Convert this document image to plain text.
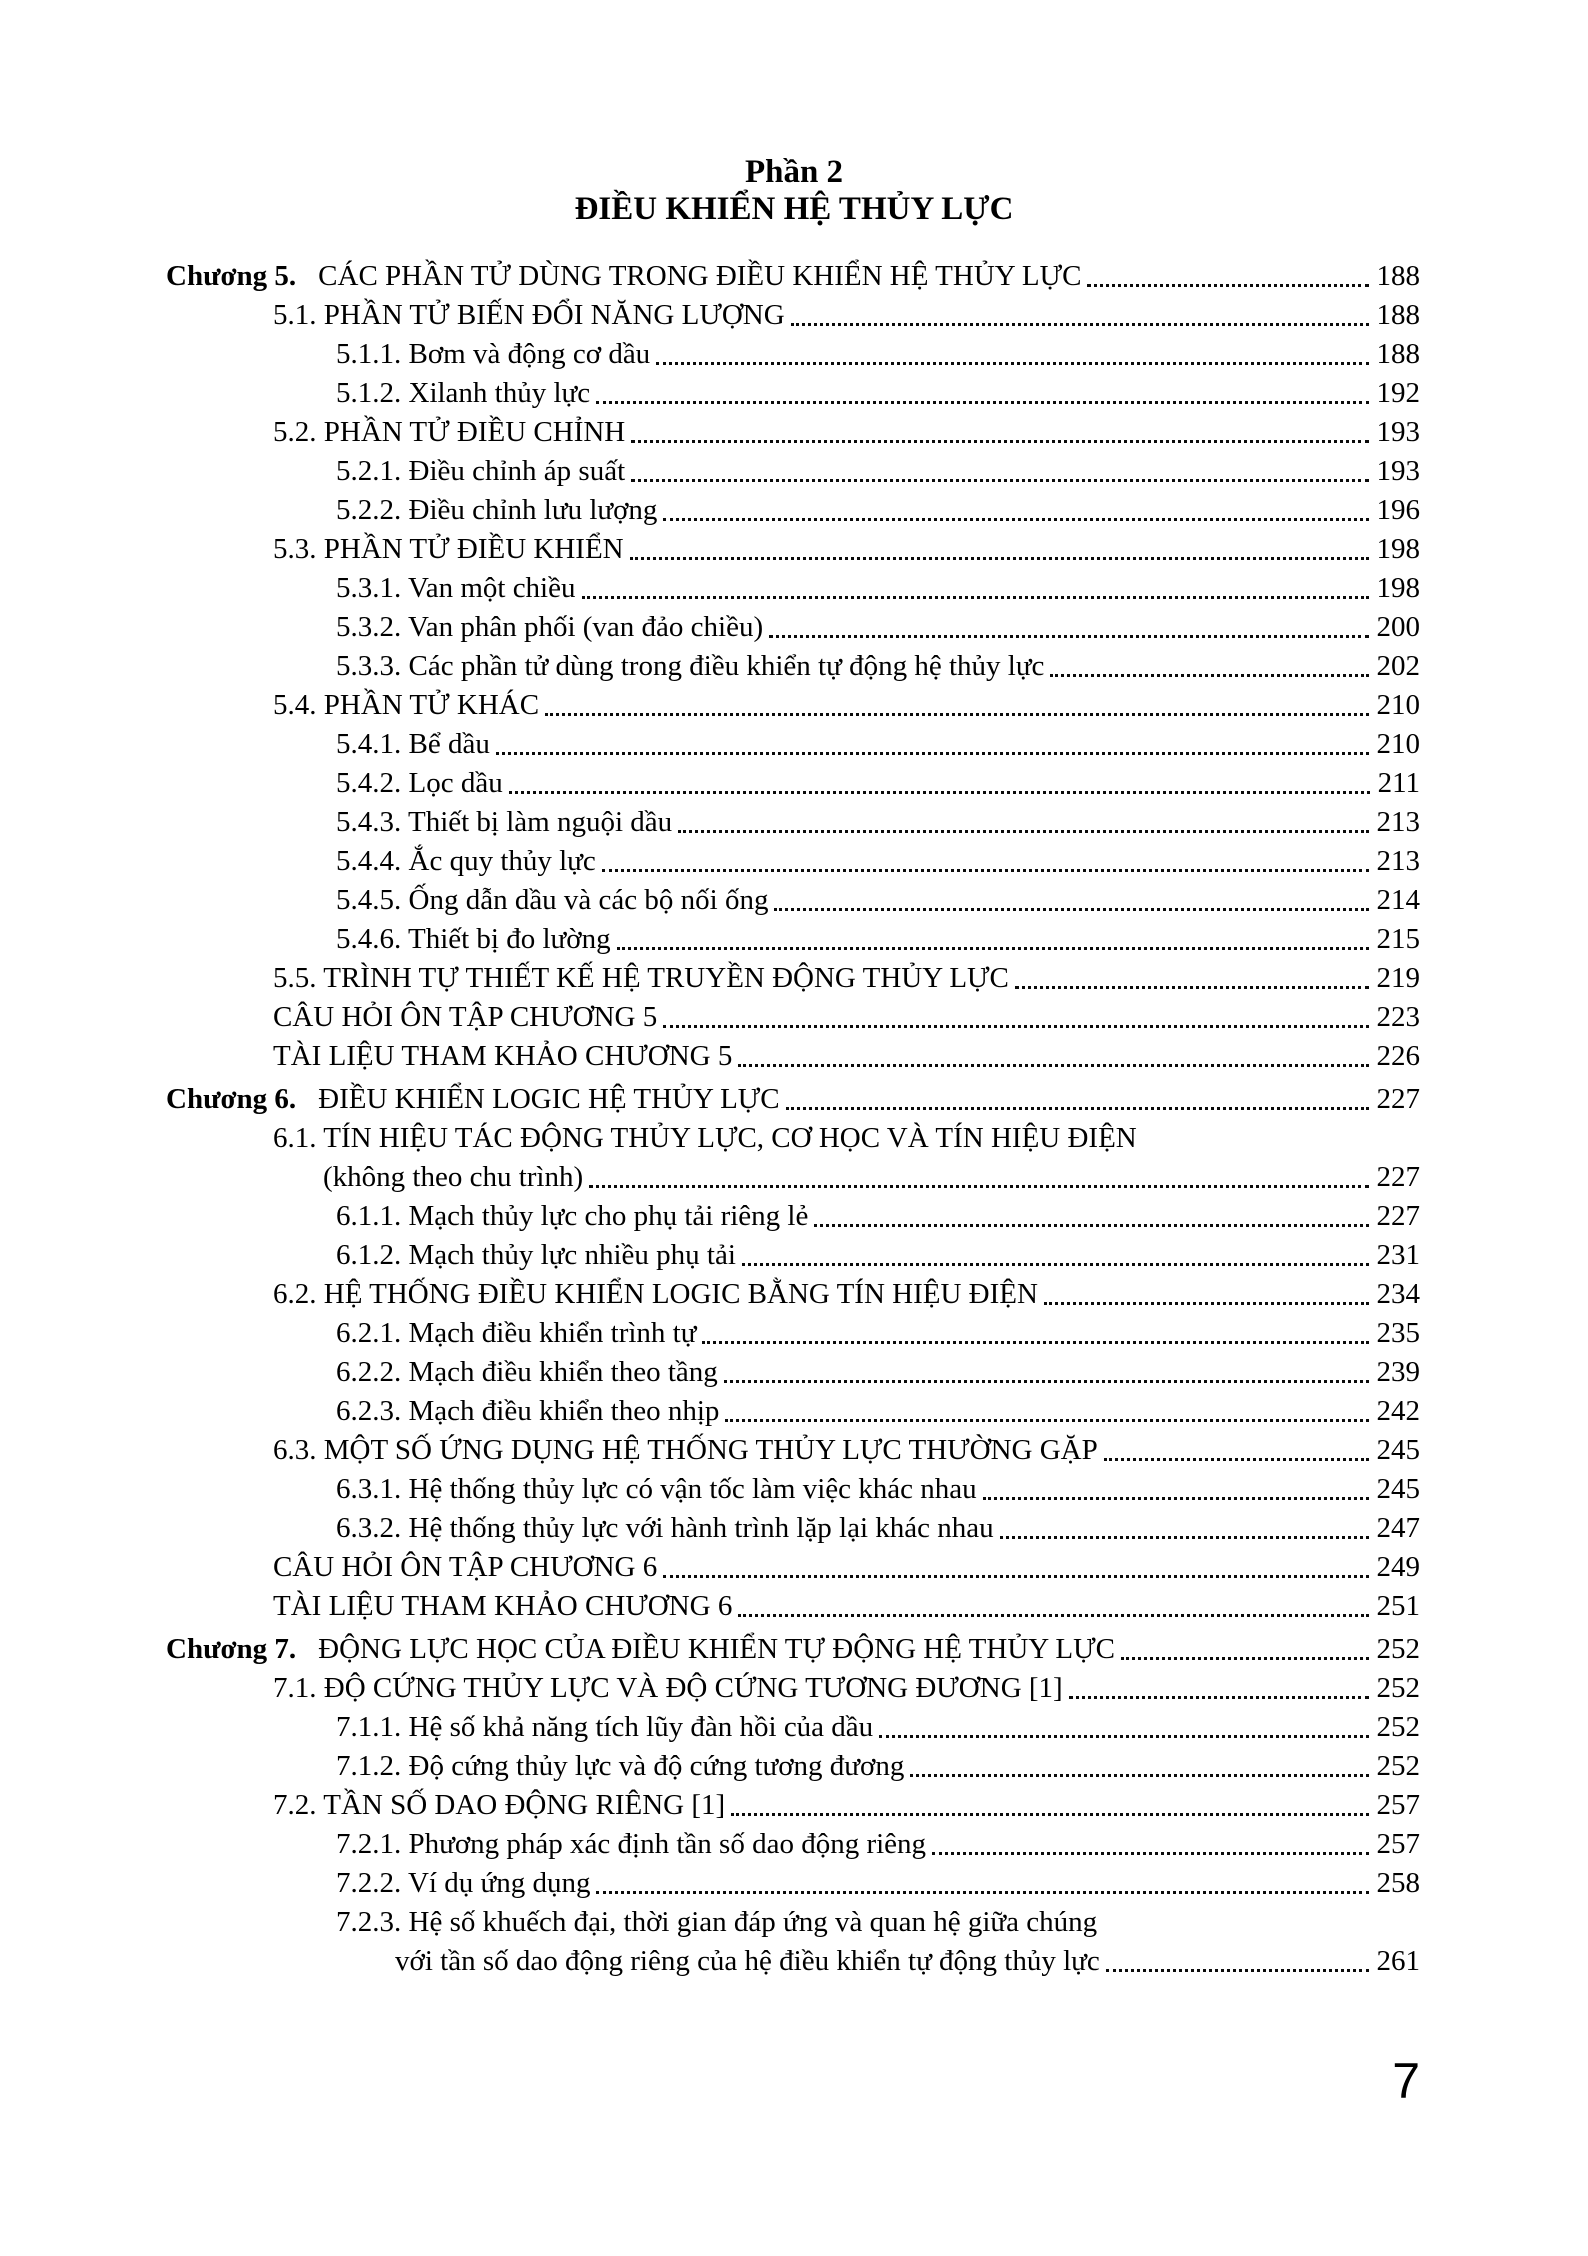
Phần 2
ĐIỀU KHIỂN HỆ THỦY LỰC
Chương 5. CÁC PHẦN TỬ DÙNG TRONG ĐIỀU KHIỂN HỆ THỦY LỰC	188
5.1. PHẦN TỬ BIẾN ĐỔI NĂNG LƯỢNG	188
5.1.1. Bơm và động cơ dầu	188
5.1.2. Xilanh thủy lực	192
5.2. PHẦN TỬ ĐIỀU CHỈNH	193
5.2.1. Điều chỉnh áp suất	193
5.2.2. Điều chỉnh lưu lượng	196
5.3. PHẦN TỬ ĐIỀU KHIỂN	198
5.3.1. Van một chiều	198
5.3.2. Van phân phối (van đảo chiều)	200
5.3.3. Các phần tử dùng trong điều khiển tự động hệ thủy lực	202
5.4. PHẦN TỬ KHÁC	210
5.4.1. Bể dầu	210
5.4.2. Lọc dầu	211
5.4.3. Thiết bị làm nguội dầu	213
5.4.4. Ắc quy thủy lực	213
5.4.5. Ống dẫn dầu và các bộ nối ống	214
5.4.6. Thiết bị đo lường	215
5.5. TRÌNH TỰ THIẾT KẾ HỆ TRUYỀN ĐỘNG THỦY LỰC	219
CÂU HỎI ÔN TẬP CHƯƠNG 5	223
TÀI LIỆU THAM KHẢO CHƯƠNG 5	226
Chương 6. ĐIỀU KHIỂN LOGIC HỆ THỦY LỰC	227
6.1. TÍN HIỆU TÁC ĐỘNG THỦY LỰC, CƠ HỌC VÀ TÍN HIỆU ĐIỆN
(không theo chu trình)	227
6.1.1. Mạch thủy lực cho phụ tải riêng lẻ	227
6.1.2. Mạch thủy lực nhiều phụ tải	231
6.2. HỆ THỐNG ĐIỀU KHIỂN LOGIC BẰNG TÍN HIỆU ĐIỆN	234
6.2.1. Mạch điều khiển trình tự	235
6.2.2. Mạch điều khiển theo tầng	239
6.2.3. Mạch điều khiển theo nhịp	242
6.3. MỘT SỐ ỨNG DỤNG HỆ THỐNG THỦY LỰC THƯỜNG GẶP	245
6.3.1. Hệ thống thủy lực có vận tốc làm việc khác nhau	245
6.3.2. Hệ thống thủy lực với hành trình lặp lại khác nhau	247
CÂU HỎI ÔN TẬP CHƯƠNG 6	249
TÀI LIỆU THAM KHẢO CHƯƠNG 6	251
Chương 7. ĐỘNG LỰC HỌC CỦA ĐIỀU KHIỂN TỰ ĐỘNG HỆ THỦY LỰC	252
7.1. ĐỘ CỨNG THỦY LỰC VÀ ĐỘ CỨNG TƯƠNG ĐƯƠNG [1]	252
7.1.1. Hệ số khả năng tích lũy đàn hồi của dầu	252
7.1.2. Độ cứng thủy lực và độ cứng tương đương	252
7.2. TẦN SỐ DAO ĐỘNG RIÊNG [1]	257
7.2.1. Phương pháp xác định tần số dao động riêng	257
7.2.2. Ví dụ ứng dụng	258
7.2.3. Hệ số khuếch đại, thời gian đáp ứng và quan hệ giữa chúng
với tần số dao động riêng của hệ điều khiển tự động thủy lực	261
7
